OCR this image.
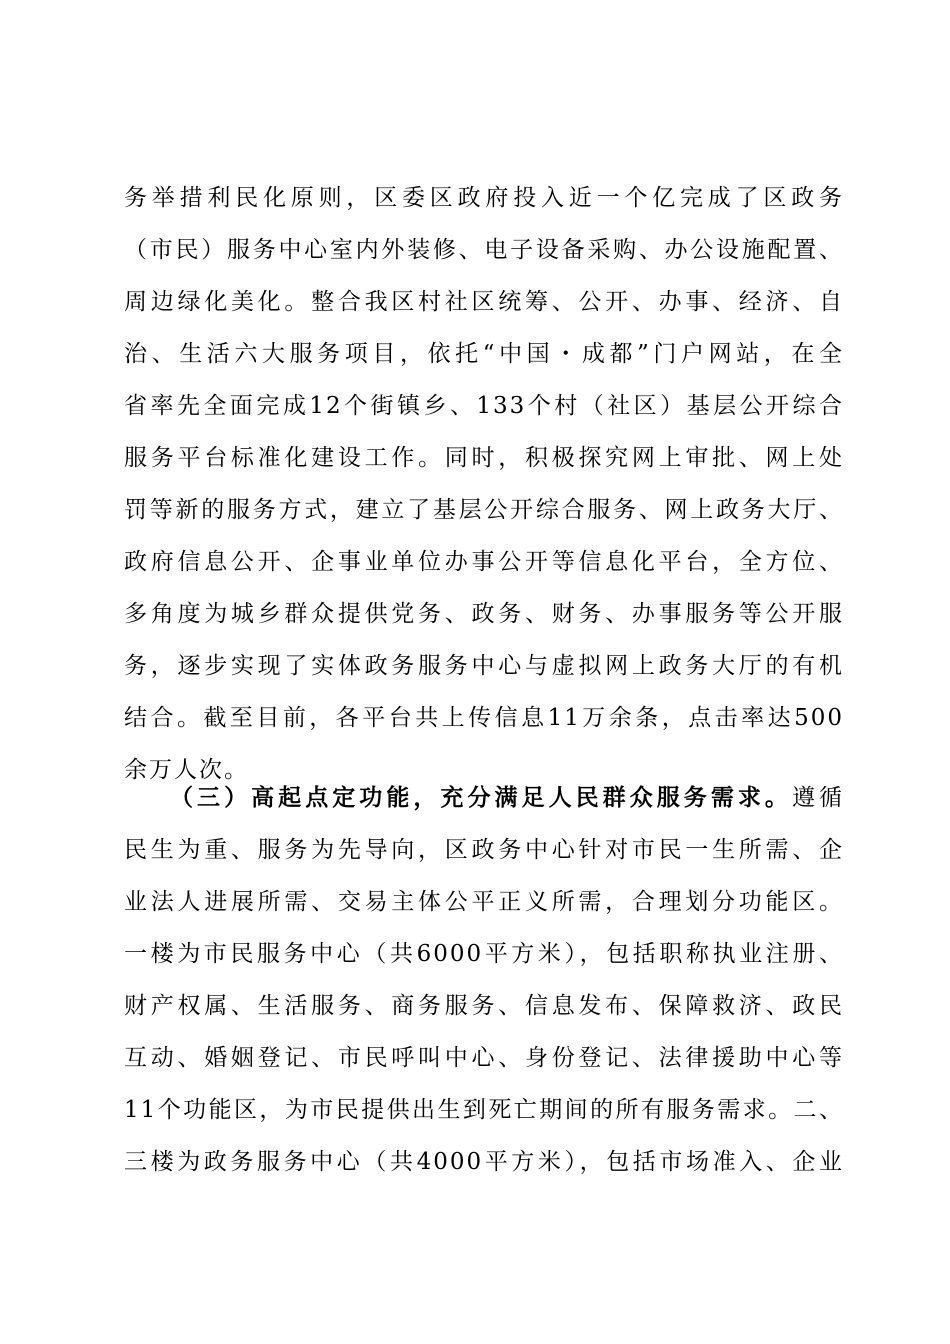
务举措利民化原则，区委区政府投入近一个亿完成了区政务
（市民）服务中心室内外装修、电子设备采购、办公设施配置、
周边绿化美化。整合我区村社区统筹、公开、办事、经济、自
治、生活六大服务项目，依托“中国・成都”门户网站，在全
省率先全面完成12个街镇乡、133个村（社区）基层公开综合
服务平台标准化建设工作。同时，积极探究网上审批、网上处
罚等新的服务方式，建立了基层公开综合服务、网上政务大厅、
政府信息公开、企事业单位办事公开等信息化平台，全方位、
多角度为城乡群众提供党务、政务、财务、办事服务等公开服
务，逐步实现了实体政务服务中心与虚拟网上政务大厅的有机
结合。截至目前，各平台共上传信息11万余条，点击率达500
余万人次。
（三）高起点定功能，充分满足人民群众服务需求。遵循
民生为重、服务为先导向，区政务中心针对市民一生所需、企
业法人进展所需、交易主体公平正义所需，合理划分功能区。
一楼为市民服务中心（共6000平方米），包括职称执业注册、
财产权属、生活服务、商务服务、信息发布、保障救济、政民
互动、婚姻登记、市民呼叫中心、身份登记、法律援助中心等
11个功能区，为市民提供出生到死亡期间的所有服务需求。二、
三楼为政务服务中心（共4000平方米），包括市场准入、企业
